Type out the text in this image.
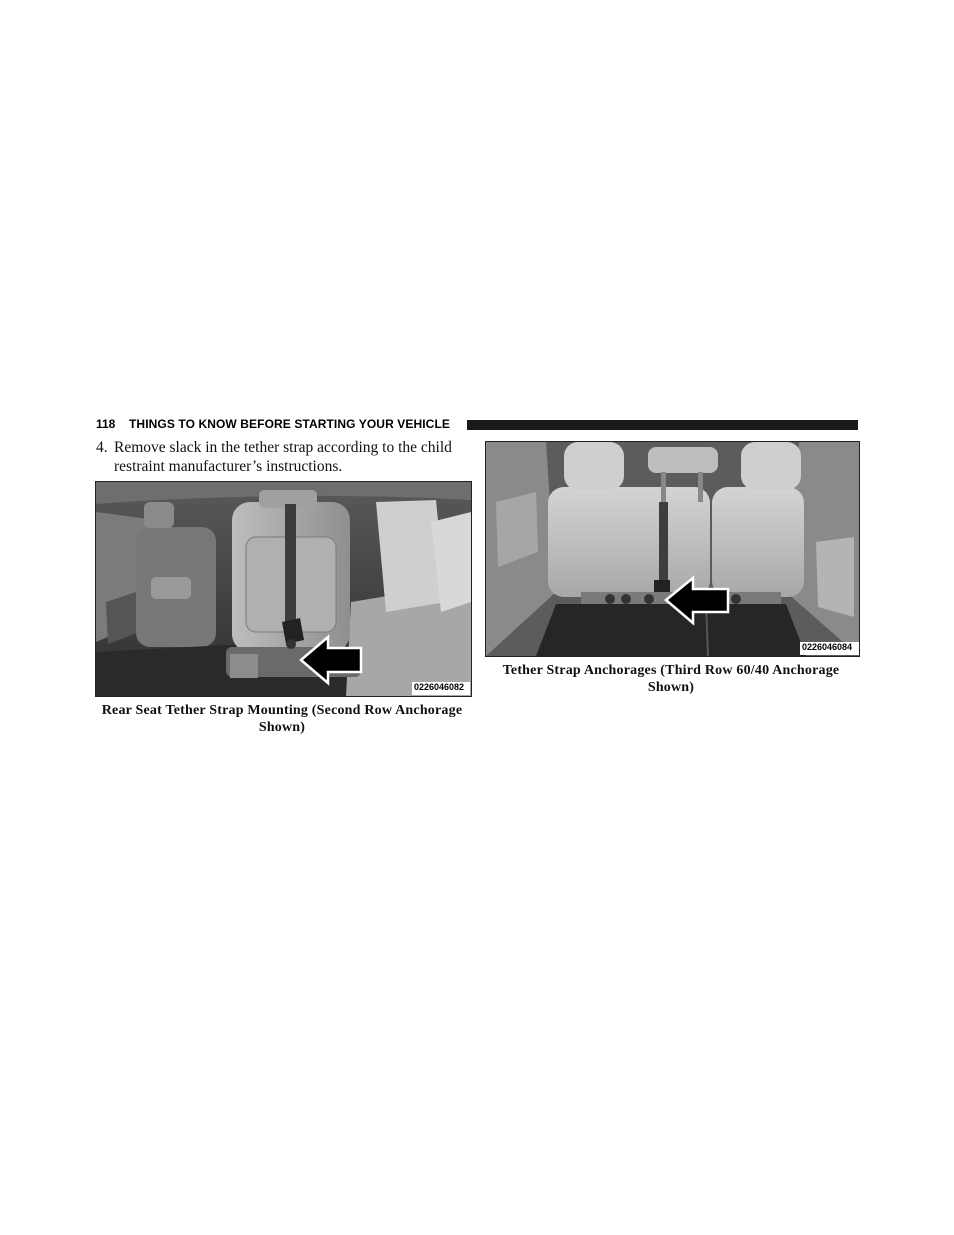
118 THINGS TO KNOW BEFORE STARTING YOUR VEHICLE
4. Remove slack in the tether strap according to the child restraint manufacturer’s instructions.
0226046082
0226046084
Rear Seat Tether Strap Mounting (Second Row Anchorage Shown)
Tether Strap Anchorages (Third Row 60/40 Anchorage Shown)
